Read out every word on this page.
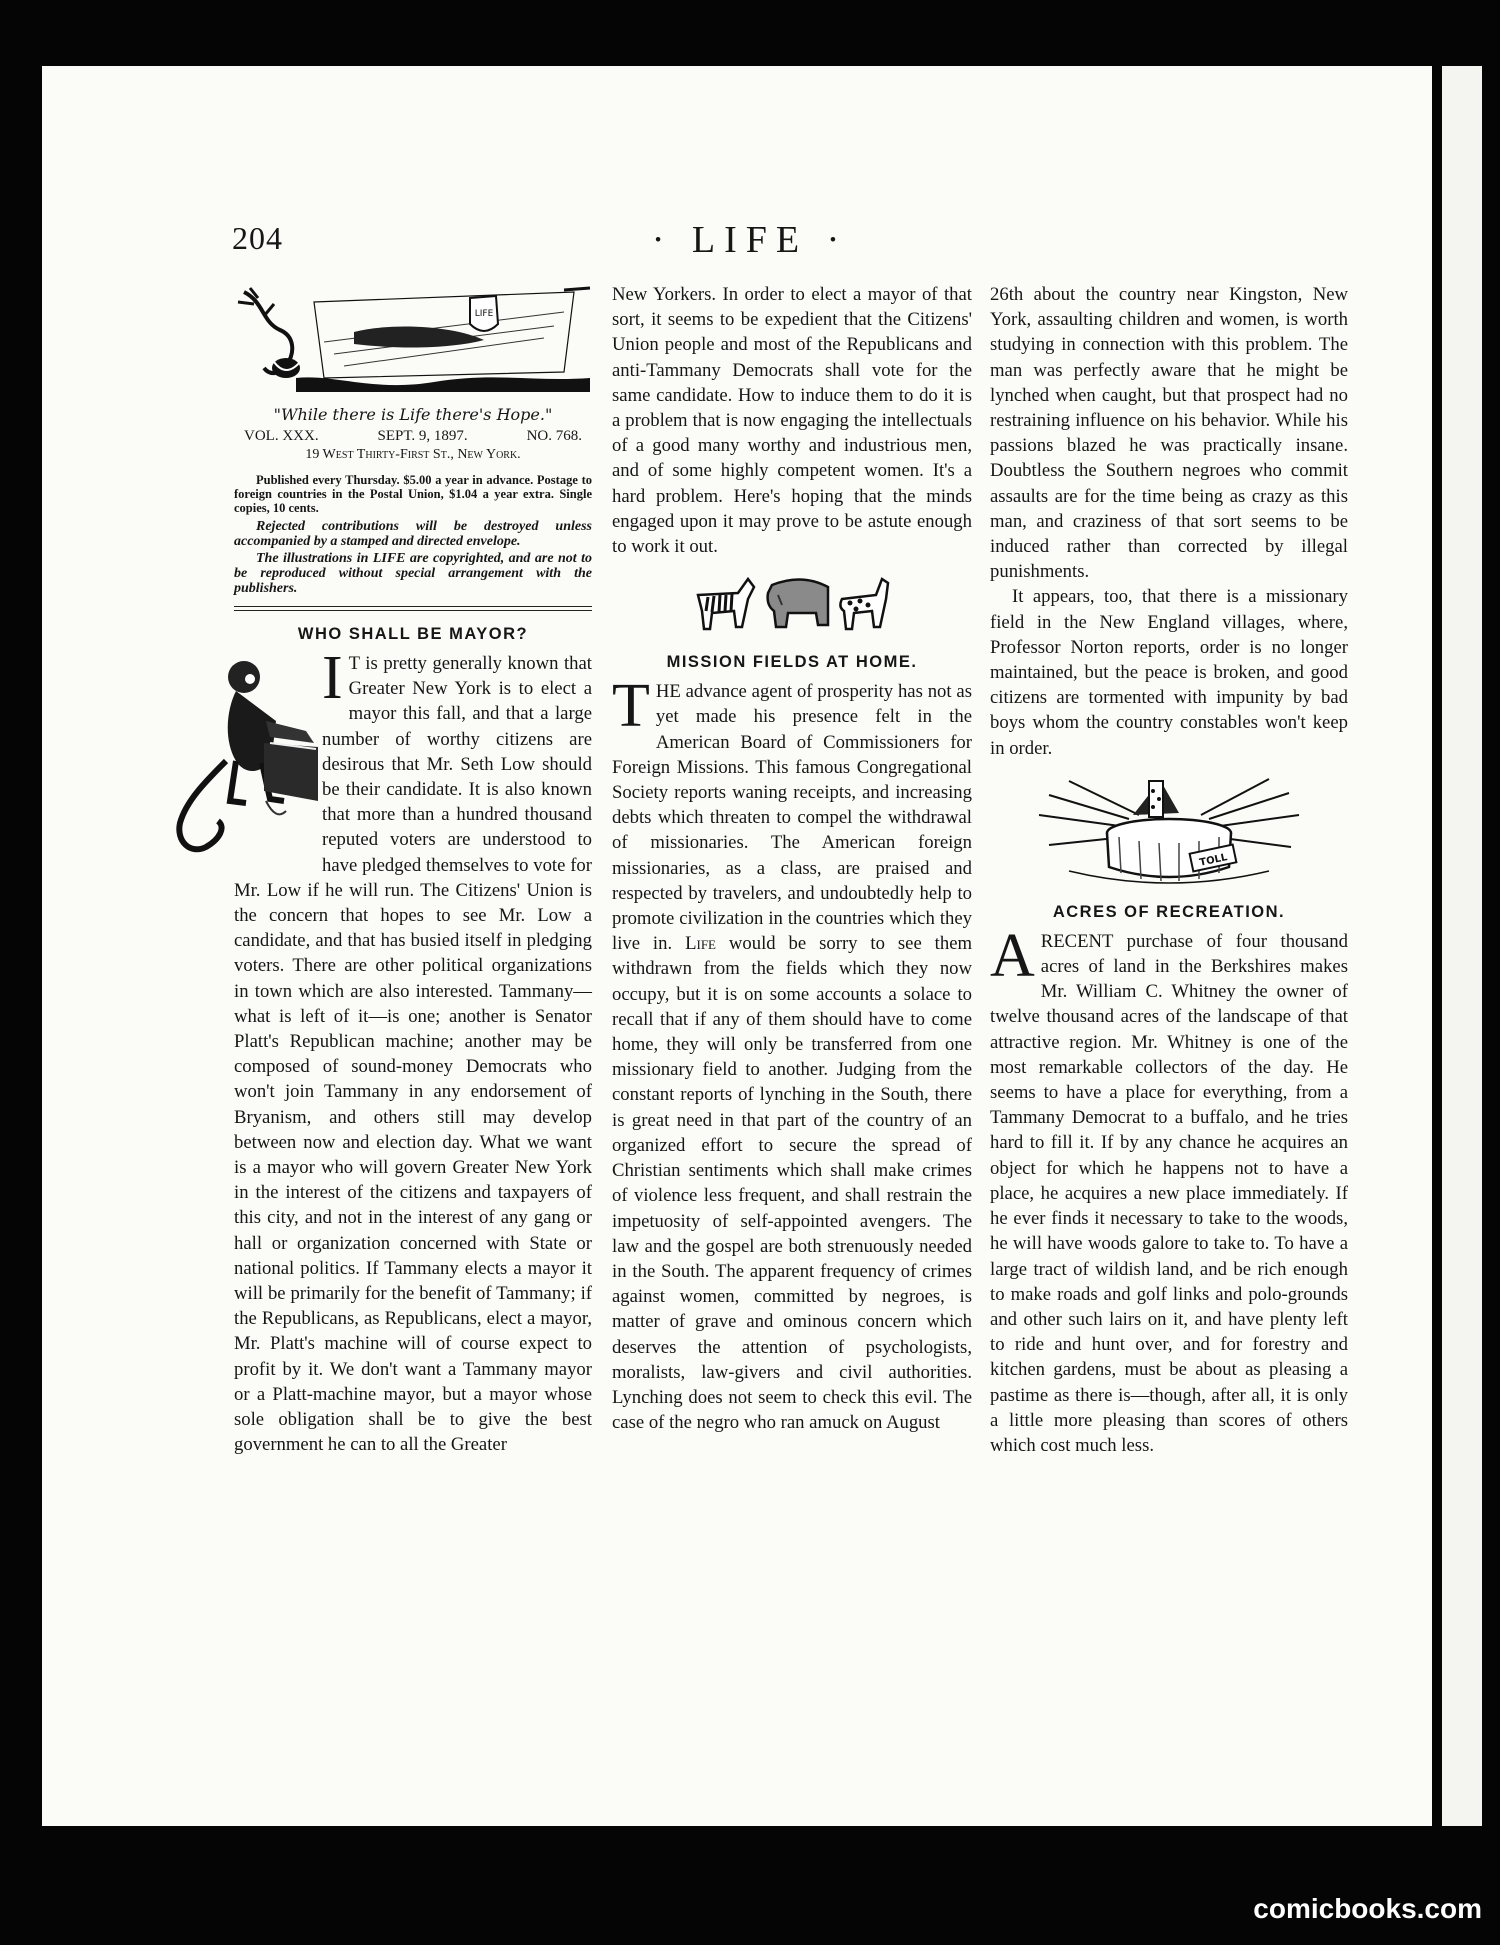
204	· LIFE ·
LIFE
"While there is Life there's Hope."
VOL. XXX.	SEPT. 9, 1897.	NO. 768.
19 West Thirty-First St., New York.

Published every Thursday. $5.00 a year in advance. Postage to foreign countries in the Postal Union, $1.04 a year extra. Single copies, 10 cents.

Rejected contributions will be destroyed unless accompanied by a stamped and directed envelope.

The illustrations in LIFE are copyrighted, and are not to be reproduced without special arrangement with the publishers.

WHO SHALL BE MAYOR?

I T is pretty generally known that Greater New York is to elect a mayor this fall, and that a large number of worthy citizens are desirous that Mr. Seth Low should be their candidate. It is also known that more than a hundred thousand reputed voters are understood to have pledged themselves to vote for Mr. Low if he will run. The Citizens' Union is the concern that hopes to see Mr. Low a candidate, and that has busied itself in pledging voters. There are other political organizations in town which are also interested. Tammany—what is left of it—is one; another is Senator Platt's Republican machine; another may be composed of sound-money Democrats who won't join Tammany in any endorsement of Bryanism, and others still may develop between now and election day. What we want is a mayor who will govern Greater New York in the interest of the citizens and taxpayers of this city, and not in the interest of any gang or hall or organization concerned with State or national politics. If Tammany elects a mayor it will be primarily for the benefit of Tammany; if the Republicans, as Republicans, elect a mayor, Mr. Platt's machine will of course expect to profit by it. We don't want a Tammany mayor or a Platt-machine mayor, but a mayor whose sole obligation shall be to give the best government he can to all the Greater

New Yorkers. In order to elect a mayor of that sort, it seems to be expedient that the Citizens' Union people and most of the Republicans and anti-Tammany Democrats shall vote for the same candidate. How to induce them to do it is a problem that is now engaging the intellectuals of a good many worthy and industrious men, and of some highly competent women. It's a hard problem. Here's hoping that the minds engaged upon it may prove to be astute enough to work it out.

MISSION FIELDS AT HOME.

THE advance agent of prosperity has not as yet made his presence felt in the American Board of Commissioners for Foreign Missions. This famous Congregational Society reports waning receipts, and increasing debts which threaten to compel the withdrawal of missionaries. The American foreign missionaries, as a class, are praised and respected by travelers, and undoubtedly help to promote civilization in the countries which they live in. Life would be sorry to see them withdrawn from the fields which they now occupy, but it is on some accounts a solace to recall that if any of them should have to come home, they will only be transferred from one missionary field to another. Judging from the constant reports of lynching in the South, there is great need in that part of the country of an organized effort to secure the spread of Christian sentiments which shall make crimes of violence less frequent, and shall restrain the impetuosity of self-appointed avengers. The law and the gospel are both strenuously needed in the South. The apparent frequency of crimes against women, committed by negroes, is matter of grave and ominous concern which deserves the attention of psychologists, moralists, law-givers and civil authorities. Lynching does not seem to check this evil. The case of the negro who ran amuck on August

26th about the country near Kingston, New York, assaulting children and women, is worth studying in connection with this problem. The man was perfectly aware that he might be lynched when caught, but that prospect had no restraining influence on his behavior. While his passions blazed he was practically insane. Doubtless the Southern negroes who commit assaults are for the time being as crazy as this man, and craziness of that sort seems to be induced rather than corrected by illegal punishments.

It appears, too, that there is a missionary field in the New England villages, where, Professor Norton reports, order is no longer maintained, but the peace is broken, and good citizens are tormented with impunity by bad boys whom the country constables won't keep in order.

TOLL
ACRES OF RECREATION.

ARECENT purchase of four thousand acres of land in the Berkshires makes Mr. William C. Whitney the owner of twelve thousand acres of the landscape of that attractive region. Mr. Whitney is one of the most remarkable collectors of the day. He seems to have a place for everything, from a Tammany Democrat to a buffalo, and he tries hard to fill it. If by any chance he acquires an object for which he happens not to have a place, he acquires a new place immediately. If he ever finds it necessary to take to the woods, he will have woods galore to take to. To have a large tract of wildish land, and be rich enough to make roads and golf links and polo-grounds and other such lairs on it, and have plenty left to ride and hunt over, and for forestry and kitchen gardens, must be about as pleasing a pastime as there is—though, after all, it is only a little more pleasing than scores of others which cost much less.

comicbooks.com
